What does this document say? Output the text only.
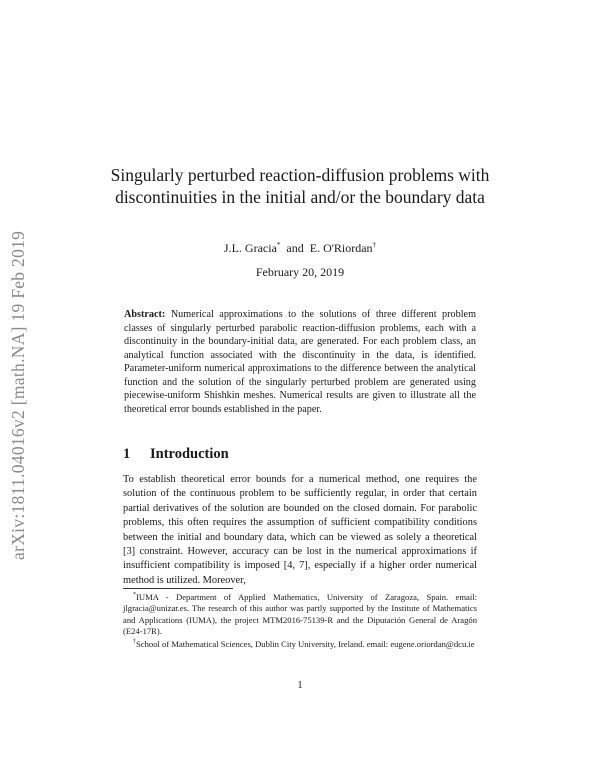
arXiv:1811.04016v2 [math.NA] 19 Feb 2019
Singularly perturbed reaction-diffusion problems with discontinuities in the initial and/or the boundary data
J.L. Gracia* and E. O'Riordan†
February 20, 2019
Abstract: Numerical approximations to the solutions of three different problem classes of singularly perturbed parabolic reaction-diffusion problems, each with a discontinuity in the boundary-initial data, are generated. For each problem class, an analytical function associated with the discontinuity in the data, is identified. Parameter-uniform numerical approximations to the difference between the analytical function and the solution of the singularly perturbed problem are generated using piecewise-uniform Shishkin meshes. Numerical results are given to illustrate all the theoretical error bounds established in the paper.
1 Introduction
To establish theoretical error bounds for a numerical method, one requires the solution of the continuous problem to be sufficiently regular, in order that certain partial derivatives of the solution are bounded on the closed domain. For parabolic problems, this often requires the assumption of sufficient compatibility conditions between the initial and boundary data, which can be viewed as solely a theoretical [3] constraint. However, accuracy can be lost in the numerical approximations if insufficient compatibility is imposed [4, 7], especially if a higher order numerical method is utilized. Moreover,

*IUMA - Department of Applied Mathematics, University of Zaragoza, Spain. email: jlgracia@unizar.es. The research of this author was partly supported by the Institute of Mathematics and Applications (IUMA), the project MTM2016-75139-R and the Diputación General de Aragón (E24-17R).

†School of Mathematical Sciences, Dublin City University, Ireland. email: eugene.oriordan@dcu.ie

1
